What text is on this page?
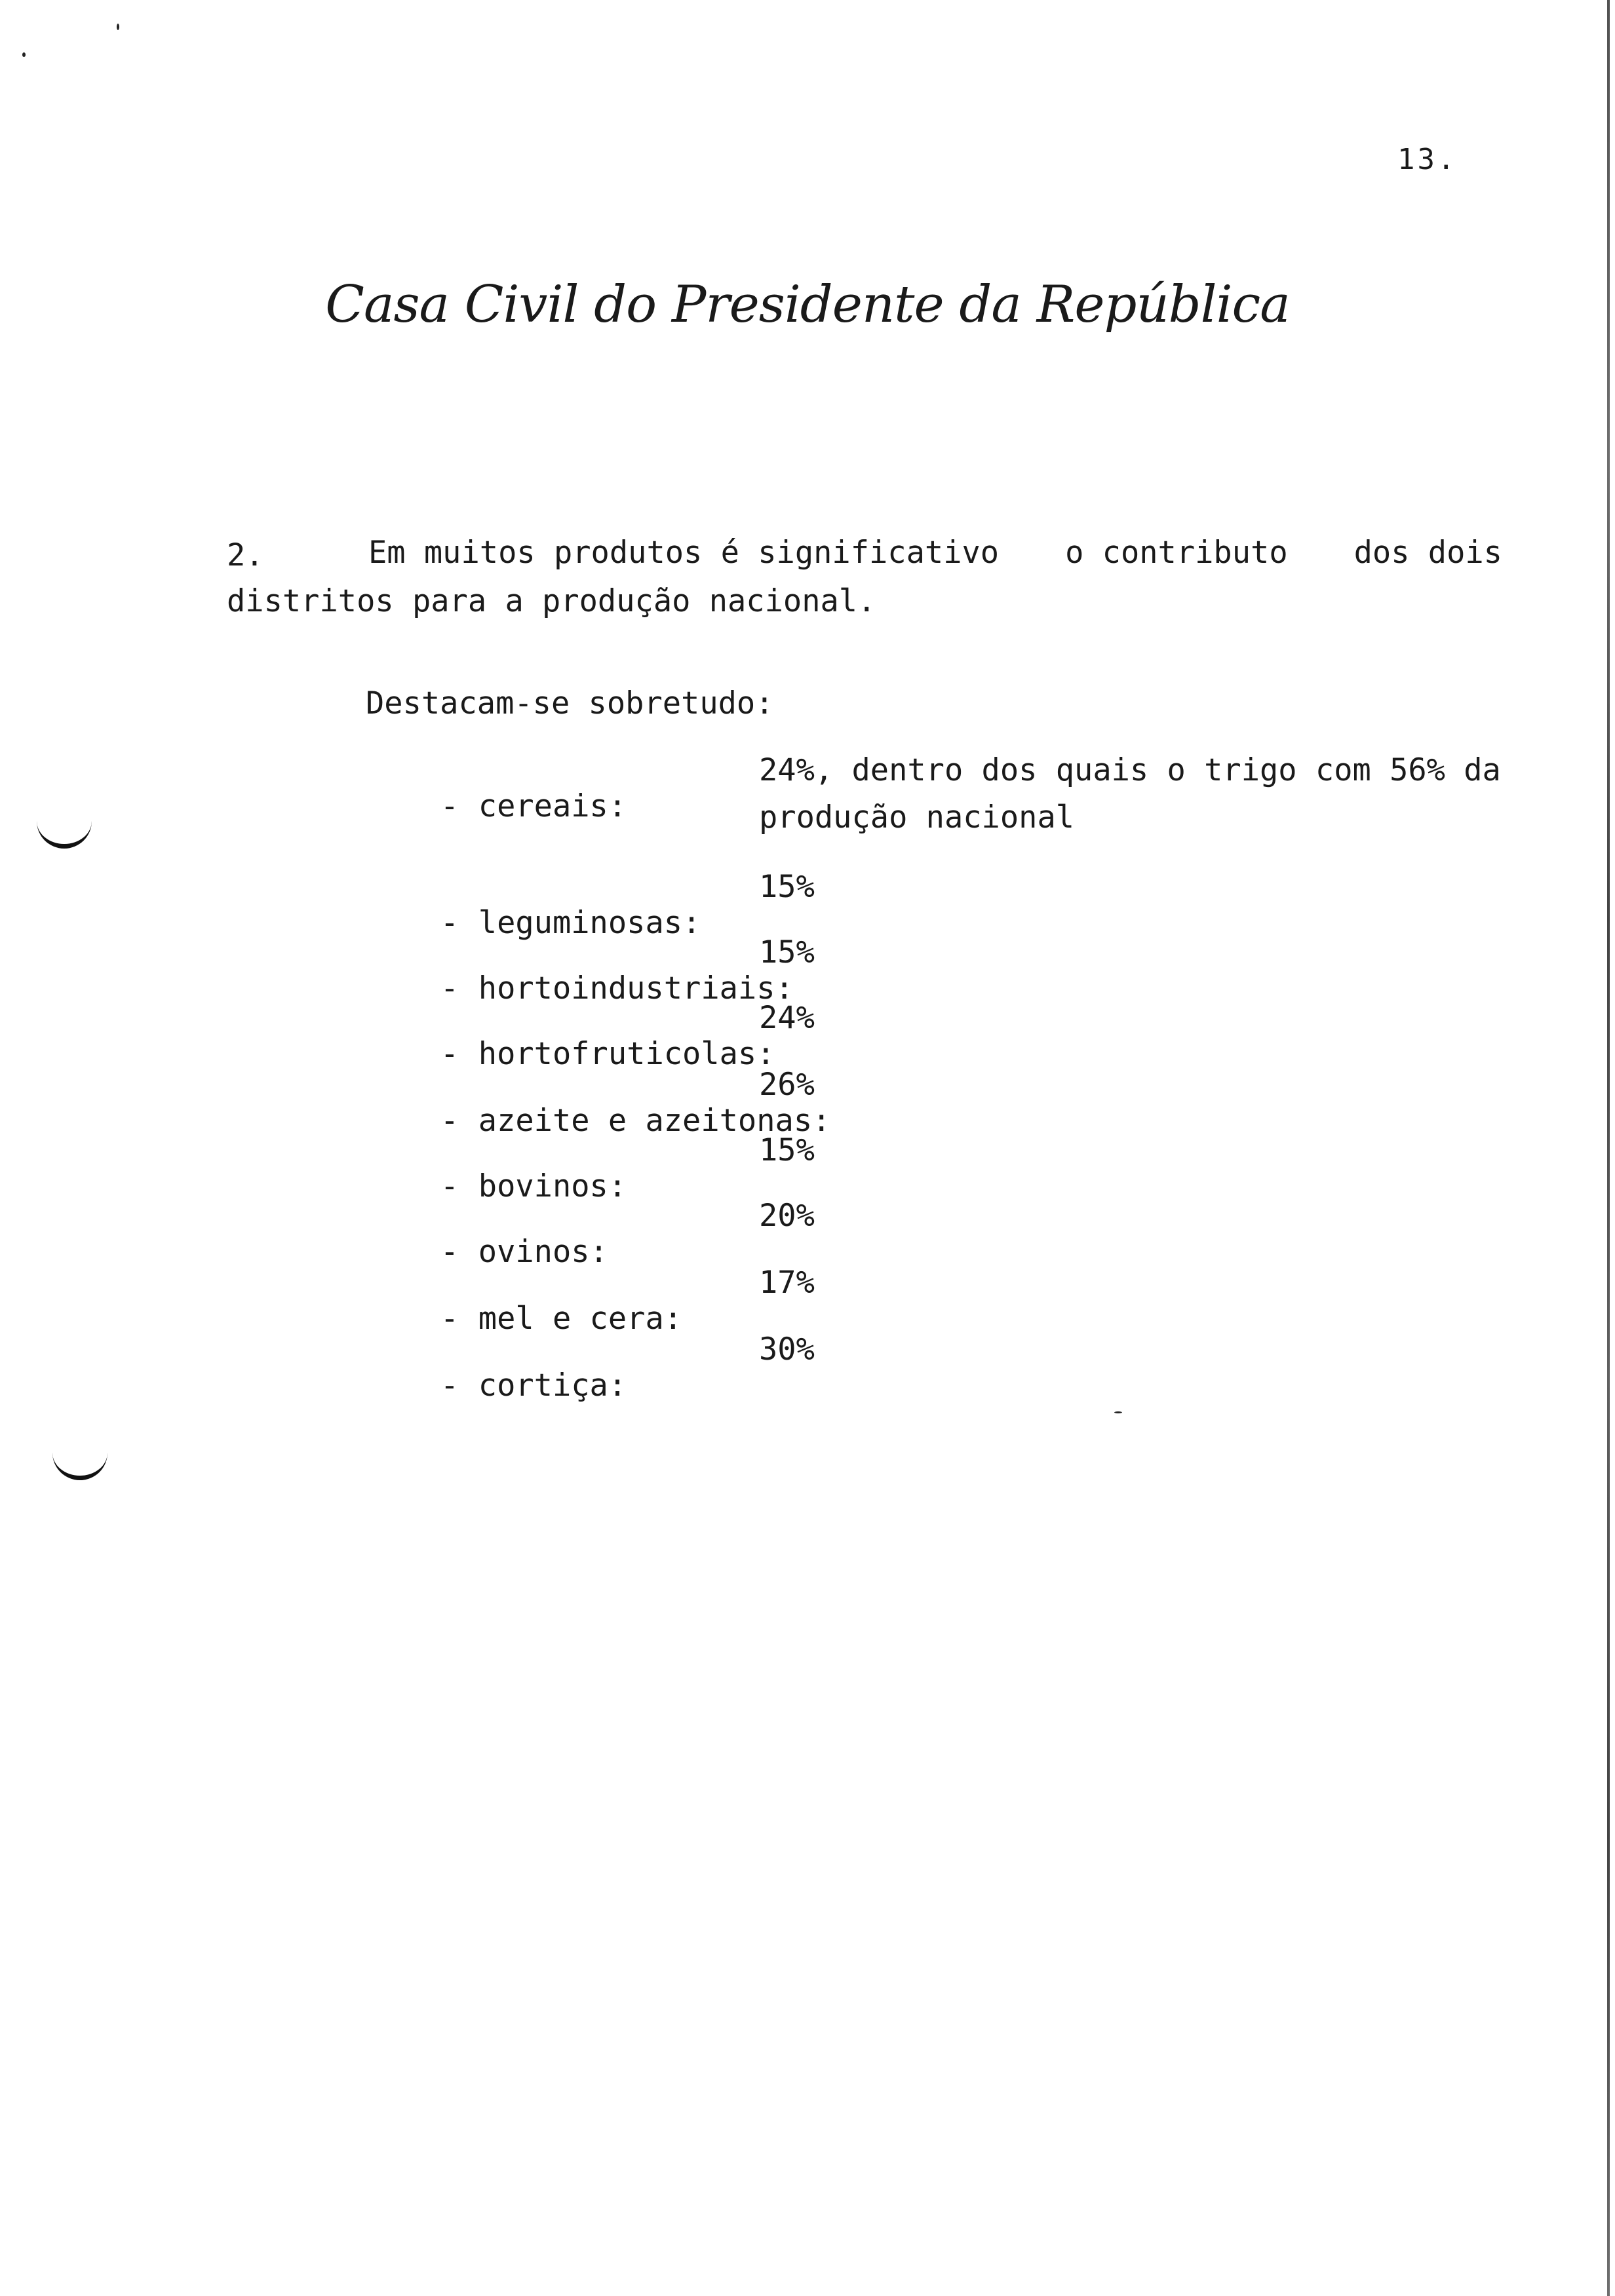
13.
Casa Civil do Presidente da República
2.	Em muitos produtos é significativo o contributo dos dois
distritos para a produção nacional.
Destacam-se sobretudo:

- cereais:

24%, dentro dos quais o trigo com 56% da

produção nacional

- leguminosas:

15%

- hortoindustriais:

15%

- hortofruticolas:

24%

- azeite e azeitonas:

26%

- bovinos:

15%

- ovinos:

20%

- mel e cera:

17%

- cortiça:

30%
